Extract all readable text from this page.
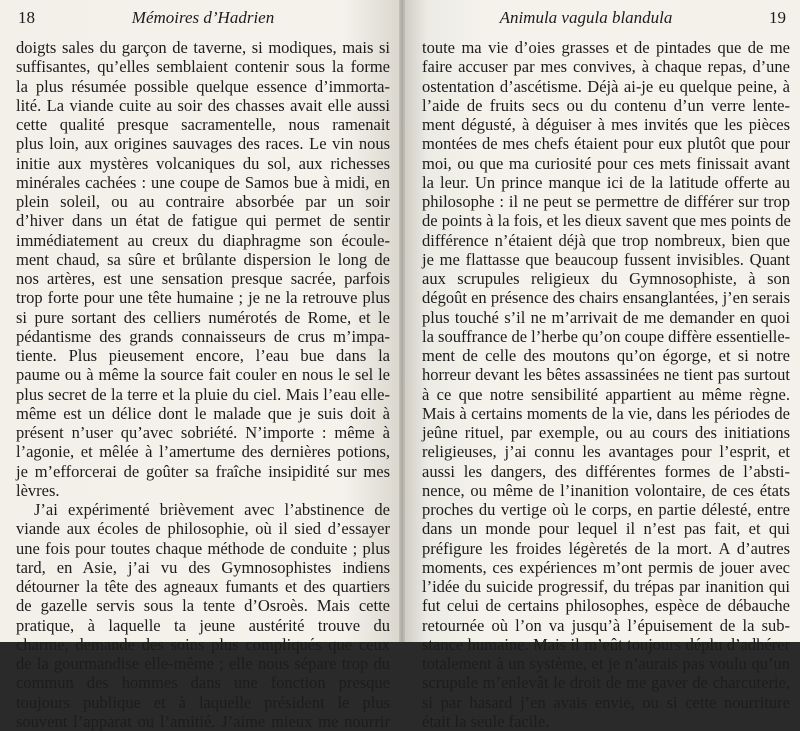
18	Mémoires d’Hadrien
doigts sales du garçon de taverne, si modiques, mais si
suffisantes, qu’elles semblaient contenir sous la forme
la plus résumée possible quelque essence d’immorta-
lité. La viande cuite au soir des chasses avait elle aussi
cette qualité presque sacramentelle, nous ramenait
plus loin, aux origines sauvages des races. Le vin nous
initie aux mystères volcaniques du sol, aux richesses
minérales cachées : une coupe de Samos bue à midi, en
plein soleil, ou au contraire absorbée par un soir
d’hiver dans un état de fatigue qui permet de sentir
immédiatement au creux du diaphragme son écoule-
ment chaud, sa sûre et brûlante dispersion le long de
nos artères, est une sensation presque sacrée, parfois
trop forte pour une tête humaine ; je ne la retrouve plus
si pure sortant des celliers numérotés de Rome, et le
pédantisme des grands connaisseurs de crus m’impa-
tiente. Plus pieusement encore, l’eau bue dans la
paume ou à même la source fait couler en nous le sel le
plus secret de la terre et la pluie du ciel. Mais l’eau elle-
même est un délice dont le malade que je suis doit à
présent n’user qu’avec sobriété. N’importe : même à
l’agonie, et mêlée à l’amertume des dernières potions,
je m’efforcerai de goûter sa fraîche insipidité sur mes
lèvres.
J’ai expérimenté brièvement avec l’abstinence de
viande aux écoles de philosophie, où il sied d’essayer
une fois pour toutes chaque méthode de conduite ; plus
tard, en Asie, j’ai vu des Gymnosophistes indiens
détourner la tête des agneaux fumants et des quartiers
de gazelle servis sous la tente d’Osroès. Mais cette
pratique, à laquelle ta jeune austérité trouve du
charme, demande des soins plus compliqués que ceux
de la gourmandise elle-même ; elle nous sépare trop du
commun des hommes dans une fonction presque
toujours publique et à laquelle président le plus
souvent l’apparat ou l’amitié. J’aime mieux me nourrir
Animula vagula blandula	19
toute ma vie d’oies grasses et de pintades que de me
faire accuser par mes convives, à chaque repas, d’une
ostentation d’ascétisme. Déjà ai-je eu quelque peine, à
l’aide de fruits secs ou du contenu d’un verre lente-
ment dégusté, à déguiser à mes invités que les pièces
montées de mes chefs étaient pour eux plutôt que pour
moi, ou que ma curiosité pour ces mets finissait avant
la leur. Un prince manque ici de la latitude offerte au
philosophe : il ne peut se permettre de différer sur trop
de points à la fois, et les dieux savent que mes points de
différence n’étaient déjà que trop nombreux, bien que
je me flattasse que beaucoup fussent invisibles. Quant
aux scrupules religieux du Gymnosophiste, à son
dégoût en présence des chairs ensanglantées, j’en serais
plus touché s’il ne m’arrivait de me demander en quoi
la souffrance de l’herbe qu’on coupe diffère essentielle-
ment de celle des moutons qu’on égorge, et si notre
horreur devant les bêtes assassinées ne tient pas surtout
à ce que notre sensibilité appartient au même règne.
Mais à certains moments de la vie, dans les périodes de
jeûne rituel, par exemple, ou au cours des initiations
religieuses, j’ai connu les avantages pour l’esprit, et
aussi les dangers, des différentes formes de l’absti-
nence, ou même de l’inanition volontaire, de ces états
proches du vertige où le corps, en partie délesté, entre
dans un monde pour lequel il n’est pas fait, et qui
préfigure les froides légèretés de la mort. A d’autres
moments, ces expériences m’ont permis de jouer avec
l’idée du suicide progressif, du trépas par inanition qui
fut celui de certains philosophes, espèce de débauche
retournée où l’on va jusqu’à l’épuisement de la sub-
stance humaine. Mais il m’eût toujours déplu d’adhérer
totalement à un système, et je n’aurais pas voulu qu’un
scrupule m’enlevât le droit de me gaver de charcuterie,
si par hasard j’en avais envie, ou si cette nourriture
était la seule facile.
